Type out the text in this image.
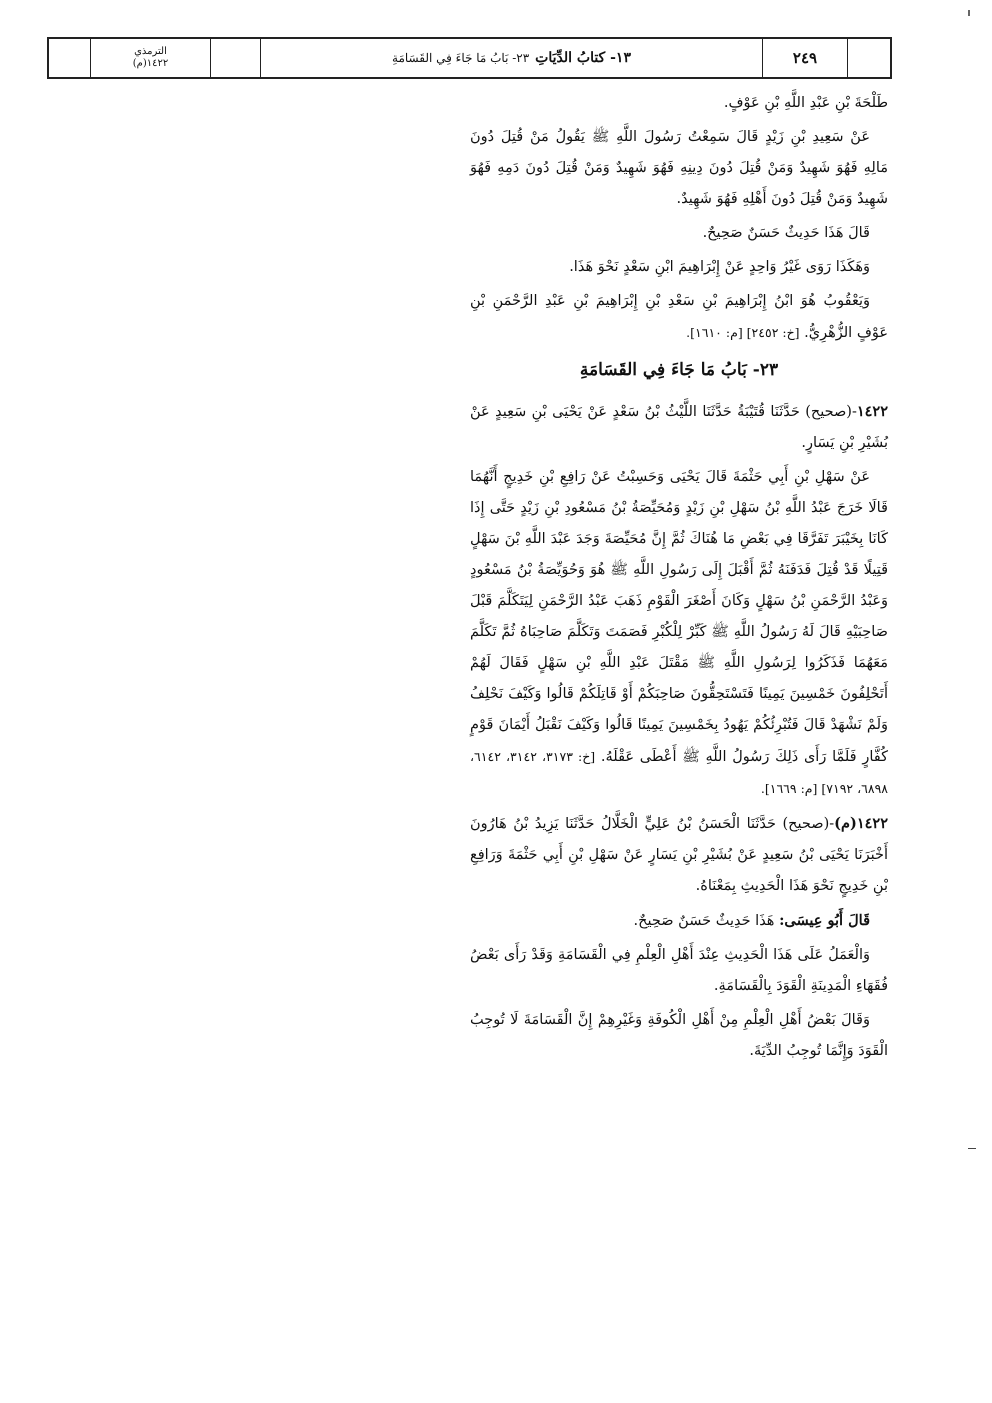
الترمذي
١٤٢٢(م)	١٣- كتابُ الدِّيَاتِ
٢٣- بَابُ مَا جَاءَ فِي القَسَامَةِ	٢٤٩

طَلْحَةَ بْنِ عَبْدِ اللَّهِ بْنِ عَوْفٍ.

عَنْ سَعِيدِ بْنِ زَيْدٍ قَالَ سَمِعْتُ رَسُولَ اللَّهِ ﷺ يَقُولُ مَنْ قُتِلَ دُونَ مَالِهِ فَهُوَ شَهِيدٌ وَمَنْ قُتِلَ دُونَ دِينِهِ فَهُوَ شَهِيدٌ وَمَنْ قُتِلَ دُونَ دَمِهِ فَهُوَ شَهِيدٌ وَمَنْ قُتِلَ دُونَ أَهْلِهِ فَهُوَ شَهِيدٌ.

قَالَ هَذَا حَدِيثٌ حَسَنٌ صَحِيحٌ.

وَهَكَذَا رَوَى غَيْرُ وَاحِدٍ عَنْ إِبْرَاهِيمَ ابْنِ سَعْدٍ نَحْوَ هَذَا.

وَيَعْقُوبُ هُوَ ابْنُ إِبْرَاهِيمَ بْنِ سَعْدِ بْنِ إِبْرَاهِيمَ بْنِ عَبْدِ الرَّحْمَنِ بْنِ عَوْفٍ الزُّهْرِيُّ. [خ: ٢٤٥٢] [م: ١٦١٠].

٢٣- بَابُ مَا جَاءَ فِي القَسَامَةِ

١٤٢٢-(صحيح) حَدَّثَنَا قُتَيْبَةُ حَدَّثَنَا اللَّيْثُ بْنُ سَعْدٍ عَنْ يَحْيَى بْنِ سَعِيدٍ عَنْ بُشَيْرِ بْنِ يَسَارٍ.

عَنْ سَهْلِ بْنِ أَبِي حَثْمَةَ قَالَ يَحْيَى وَحَسِبْتُ عَنْ رَافِعِ بْنِ خَدِيجٍ أَنَّهُمَا قَالَا خَرَجَ عَبْدُ اللَّهِ بْنُ سَهْلِ بْنِ زَيْدٍ وَمُحَيِّصَةُ بْنُ مَسْعُودِ بْنِ زَيْدٍ حَتَّى إِذَا كَانَا بِخَيْبَرَ تَفَرَّقَا فِي بَعْضِ مَا هُنَاكَ ثُمَّ إِنَّ مُحَيِّصَةَ وَجَدَ عَبْدَ اللَّهِ بْنَ سَهْلٍ قَتِيلًا قَدْ قُتِلَ فَدَفَنَهُ ثُمَّ أَقْبَلَ إِلَى رَسُولِ اللَّهِ ﷺ هُوَ وَحُوَيِّصَةُ بْنُ مَسْعُودٍ وَعَبْدُ الرَّحْمَنِ بْنُ سَهْلٍ وَكَانَ أَصْغَرَ الْقَوْمِ ذَهَبَ عَبْدُ الرَّحْمَنِ لِيَتَكَلَّمَ قَبْلَ صَاحِبَيْهِ قَالَ لَهُ رَسُولُ اللَّهِ ﷺ كَبِّرْ لِلْكُبْرِ فَصَمَتَ وَتَكَلَّمَ صَاحِبَاهُ ثُمَّ تَكَلَّمَ مَعَهُمَا فَذَكَرُوا لِرَسُولِ اللَّهِ ﷺ مَقْتَلَ عَبْدِ اللَّهِ بْنِ سَهْلٍ فَقَالَ لَهُمْ أَتَحْلِفُونَ خَمْسِينَ يَمِينًا فَتَسْتَحِقُّونَ صَاحِبَكُمْ أَوْ قَاتِلَكُمْ قَالُوا وَكَيْفَ نَحْلِفُ وَلَمْ نَشْهَدْ قَالَ فَتُبْرِئُكُمْ يَهُودُ بِخَمْسِينَ يَمِينًا قَالُوا وَكَيْفَ نَقْبَلُ أَيْمَانَ قَوْمٍ كُفَّارٍ فَلَمَّا رَأَى ذَلِكَ رَسُولُ اللَّهِ ﷺ أَعْطَى عَقْلَهُ. [خ: ٣١٧٣، ٣١٤٢، ٦١٤٢، ٦٨٩٨، ٧١٩٢] [م: ١٦٦٩].

١٤٢٢(م)-(صحيح) حَدَّثَنَا الْحَسَنُ بْنُ عَلِيٍّ الْخَلَّالُ حَدَّثَنَا يَزِيدُ بْنُ هَارُونَ أَخْبَرَنَا يَحْيَى بْنُ سَعِيدٍ عَنْ بُشَيْرِ بْنِ يَسَارٍ عَنْ سَهْلِ بْنِ أَبِي حَثْمَةَ وَرَافِعِ بْنِ خَدِيجٍ نَحْوَ هَذَا الْحَدِيثِ بِمَعْنَاهُ.

قَالَ أَبُو عِيسَى: هَذَا حَدِيثٌ حَسَنٌ صَحِيحٌ.

وَالْعَمَلُ عَلَى هَذَا الْحَدِيثِ عِنْدَ أَهْلِ الْعِلْمِ فِي الْقَسَامَةِ وَقَدْ رَأَى بَعْضُ فُقَهَاءِ الْمَدِينَةِ الْقَوَدَ بِالْقَسَامَةِ.

وَقَالَ بَعْضُ أَهْلِ الْعِلْمِ مِنْ أَهْلِ الْكُوفَةِ وَغَيْرِهِمْ إِنَّ الْقَسَامَةَ لَا تُوجِبُ الْقَوَدَ وَإِنَّمَا تُوجِبُ الدِّيَةَ.
